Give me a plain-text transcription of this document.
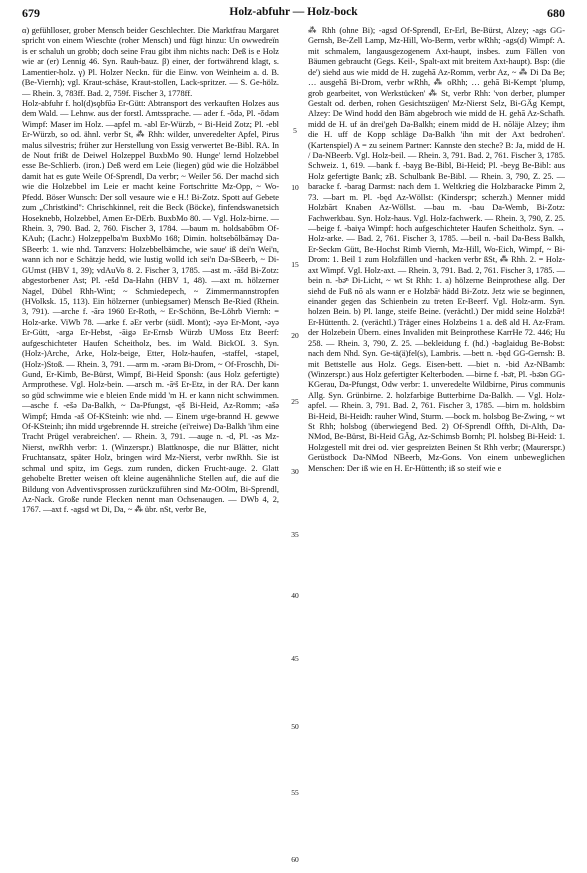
679	Holz-abfuhr — Holz-bock	680

α) gefühlloser, grober Mensch beider Geschlechter. Die Marktfrau Margaret spricht von einem Wieschte (roher Mensch) und fügt hinzu: Un owwedreïn is er schaluh un grobb; doch seine Frau gibt ihm nichts nach: Deß is e Holz wie ar (er) Lennig 46. Syn. Rauh-bauz. β) einer, der fortwährend klagt, s. Lamentier-holz. γ) Pl. Holzer Neckn. für die Einw. von Weinheim a. d. B. (Be-Viernh); vgl. Kraut-schäse, Kraut-stollen, Lack-spritzer. — S. Ge-hölz. — Rhein. 3, 783ff. Bad. 2, 759f. Fischer 3, 1778ff.

Holz-abfuhr f. hol(d)sǫbfūǝ Er-Gütt: Abtransport des verkauften Holzes aus dem Wald. — Lehnw. aus der forstl. Amtssprache. — ader f. -ǒdǝ, Pl. -ǒdǝm Wimpf: Maser im Holz. —apfel m. -abl Er-Würzb, ~ Bi-Heid Zotz; Pl. -ebl Er-Würzb, so od. ähnl. verbr St, ⁂ Rhh: wilder, unveredelter Apfel, Pirus malus silvestris; früher zur Herstellung von Essig verwertet Be-Bibl. RA. In de Nout frißt de Deiwel Holzeppel BuxbMo 90. Hunge' lernd Holzebbel esse Be-Schlierb. (iron.) Deß werd em Leie (liegen) güd wie die Holzäbbel damit hat es gute Weile Of-Sprendl, Da verbr; ~ Weiler 56. Der machd sich wie die Holzebbel im Leie er macht keine Fortschritte Mz-Opp, ~ Wo-Pfedd. Böser Wunsch: Der soll vesaure wie e H.! Bi-Zotz. Spott auf Gebete zum „Christkind": Chrischkinnel, reit die Beck (Böcke), finfendswanetsich Hoseknebb, Holzebbel, Amen Er-DErb. BuxbMo 80. — Vgl. Holz-birne. — Rhein. 3, 790. Bad. 2, 760. Fischer 3, 1784. —baum m. holdsabōbm Of-KAuh; (Lachr.) Holzeppelba'm BuxbMo 168; Dimin. holtsebōlbāmǝɣ Da-SBeerb: 1. wie nhd. Tanzvers: Holzebbelbämche, wie saue' iß dei'n Wei'n, wann ich nor e Schätzje hedd, wie lustig wolld ich sei'n Da-SBeerb, ~ Di-GUmst (HBV 1, 39); vdAuVo 8. 2. Fischer 3, 1785. —ast m. -āšd Bi-Zotz: abgestorbener Ast; Pl. -ešd Da-Hahn (HBV 1, 48). —axt m. hölzerner Nagel, Dübel Rhh-Wint; ~ Schmiedepech, ~ Zimmermannstropfen (HVolksk. 15, 113). Ein hölzerner (unbiegsamer) Mensch Be-Ried (Rhein. 3, 791). —arche f. -ārǝ 1960 Er-Roth, ~ Er-Schönn, Be-Löhrb Viernh: = Holz-arke. ViWb 78. —arke f. ǝEr verbr (südl. Mont); -ǝyǝ Er-Mont, -ǝyǝ Er-Gütt, -argǝ Er-Hebst, -āigǝ Er-Ernsb Würzb UMoss Etz Beerf: aufgeschichteter Haufen Scheitholz, bes. im Wald. BickOL 3. Syn. (Holz-)Arche, Arke, Holz-beige, Etter, Holz-haufen, -staffel, -stapel, (Holz-)Stoß. — Rhein. 3, 791. —arm m. -ǝrǝm Bi-Drom, ~ Of-Froschh, Di-Gund, Er-Kimb, Be-Bürst, Wimpf, Bi-Heid Sponsh: (aus Holz gefertigte) Armprothese. Vgl. Holz-bein. —arsch m. -āˢš Er-Etz, in der RA. Der kann so güd schwimme wie e bleien Ende midd 'm H. er kann nicht schwimmen. —asche f. -ešǝ Da-Balkh, ~ Da-Pfungst, -ęš Bi-Heid, Az-Romm; -ašǝ Wimpf; Hmda -aš Of-KSteinh: wie nhd. — Einem uˢge-brannd H. gewwe Of-KSteinh; ihn midd uˢgebrennde H. streiche (ei'reiwe) Da-Balkh 'ihm eine Tracht Prügel verabreichen'. — Rhein. 3, 791. —auge n. -d, Pl. -ǝs Mz-Nierst, nwRhh verbr: 1. (Winzerspr.) Blattknospe, die nur Blätter, nicht Fruchtansatz, später Holz, bringen wird Mz-Nierst, verbr nwRhh. Sie ist schmal und spitz, im Gegs. zum runden, dicken Frucht-auge. 2. Glatt gehobelte Bretter weisen oft kleine augenähnliche Stellen auf, die auf die Bildung von Adventivsprossen zurückzuführen sind Mz-OOlm, Bi-Sprendl, Az-Nack. Große runde Flecken nennt man Ochsenaugen. — DWb 4, 2, 1767. —axt f. -agsd wt Di, Da, ~ ⁂ übr. nSt, verbr Be,

5
10
15
20
25
30
35
40
45
50
55
60

⁂ Rhh (ohne Bi); -agsd Of-Sprendl, Er-Erl, Be-Bürst, Alzey; -ags GG-Gernsh, Be-Zell Lamp, Mz-Hill, Wo-Berm, verbr wRhh; -ags(d) Wimpf: A. mit schmalem, langausgezogenem Axt-haupt, insbes. zum Fällen von Bäumen gebraucht (Gegs. Keil-, Spalt-axt mit breitem Axt-haupt). Bsp: (die de') siehd aus wie midd de H. zugehā Az-Romm, verbr Az, ~ ⁂ Di Da Be; … ausgehā Bi-Drom, verbr wRhh, ⁂ oRhh; … gehā Bi-Kempt 'plump, grob gearbeitet, von Werkstücken' ⁂ St, verbr Rhh: 'von derber, plumper Gestalt od. derben, rohen Gesichtszügen' Mz-Nierst Selz, Bi-GÄg Kempt, Alzey: De Wind hodd den Bām abgebroch wie midd de H. gehā Az-Schafh. midd de H. uf än drei'geh Da-Balkh; einem midd de H. nōläje Alzey; ihm die H. uff de Kopp schläge Da-Balkh 'ihn mit der Axt bedrohen'. (Kartenspiel) A = zu seinem Partner: Kannste den steche? B: Ja, midd de H. / Da-NBeerb. Vgl. Holz-beil. — Rhein. 3, 791. Bad. 2, 761. Fischer 3, 1785. Schweiz. 1, 619. —bank f. -bayg Be-Bibl, Bi-Heid; Pl. -beyg Be-Bibl: aus Holz gefertigte Bank; zB. Schulbank Be-Bibl. — Rhein. 3, 790, Z. 25. —baracke f. -barag Darmst: nach dem 1. Weltkrieg die Holzbaracke Pimm 2, 73. —bart m. Pl. -będ Az-Wöllst: (Kinderspr; scherzh.) Menner midd Holzbārt Knaben Az-Wöllst. —bau m. -bau Da-Wemb, Bi-Zotz: Fachwerkbau. Syn. Holz-haus. Vgl. Holz-fachwerk. — Rhein. 3, 790, Z. 25. —beige f. -baiɣǝ Wimpf: hoch aufgeschichteter Haufen Scheitholz. Syn. → Holz-arke. — Bad. 2, 761. Fischer 3, 1785. —beil n. -bail Da-Bess Balkh, Er-Seckm Gütt, Be-Hochst Rimb Viernh, Mz-Hill, Wo-Eich, Wimpf, ~ Bi-Drom: 1. Beil 1 zum Holzfällen und -hacken verbr ßSt, ⁂ Rhh. 2. = Holz-axt Wimpf. Vgl. Holz-axt. — Rhein. 3, 791. Bad. 2, 761. Fischer 3, 1785. —bein n. -bǝ̄ⁿ Di-Licht, ~ wt St Rhh: 1. a) hölzerne Beinprothese allg. Der siehd de Fuß nō als wann er e Holzbāˢ hädd Bi-Zotz. Jetz wie se beginnen, einander gegen das Schienbein zu treten Er-Beerf. Vgl. Holz-arm. Syn. holzen Bein. b) Pl. lange, steife Beine. (verächtl.) Der midd seine Holzbāˢ! Er-Hüttenth. 2. (verächtl.) Träger eines Holzbeins 1 a. deß ald H. Az-Fram. der Holzebein Übern. eines Invaliden mit Beinprothese KarrHe 72. 446; Hu 258. — Rhein. 3, 790, Z. 25. —bekleidung f. (hd.) -bǝglaidug Be-Bobst: nach dem Nhd. Syn. Ge-tä(ä)fel(s), Lambris. —bett n. -będ GG-Gernsh: B. mit Bettstelle aus Holz. Gegs. Eisen-bett. —biet n. -bid Az-NBamb: (Winzerspr.) aus Holz gefertigter Kelterboden. —birne f. -bǝ̄r, Pl. -bǝ̄ǝn GG-KGerau, Da-Pfungst, Odw verbr: 1. unveredelte Wildbirne, Pirus communis Allg. Syn. Grünbirne. 2. holzfarbige Butterbirne Da-Balkh. — Vgl. Holz-apfel. — Rhein. 3, 791. Bad. 2, 761. Fischer 3, 1785. —birn m. holdsbirn Bi-Heid, Bi-Heidh: rauher Wind, Sturm. —bock m. holsbog Be-Zwing, ~ wt St Rhh; holsbog (überwiegend Bed. 2) Of-Sprendl Offth, Di-Alth, Da-NMod, Be-Bürst, Bi-Heid GÄg, Az-Schimsb Bornh; Pl. holsbeg Bi-Heid: 1. Holzgestell mit drei od. vier gespreizten Beinen St Rhh verbr; (Maurerspr.) Gerüstbock Da-NMod NBeerb, Mz-Gons. Von einem unbeweglichen Menschen: Der iß wie en H. Er-Hüttenth; iß so steif wie e
